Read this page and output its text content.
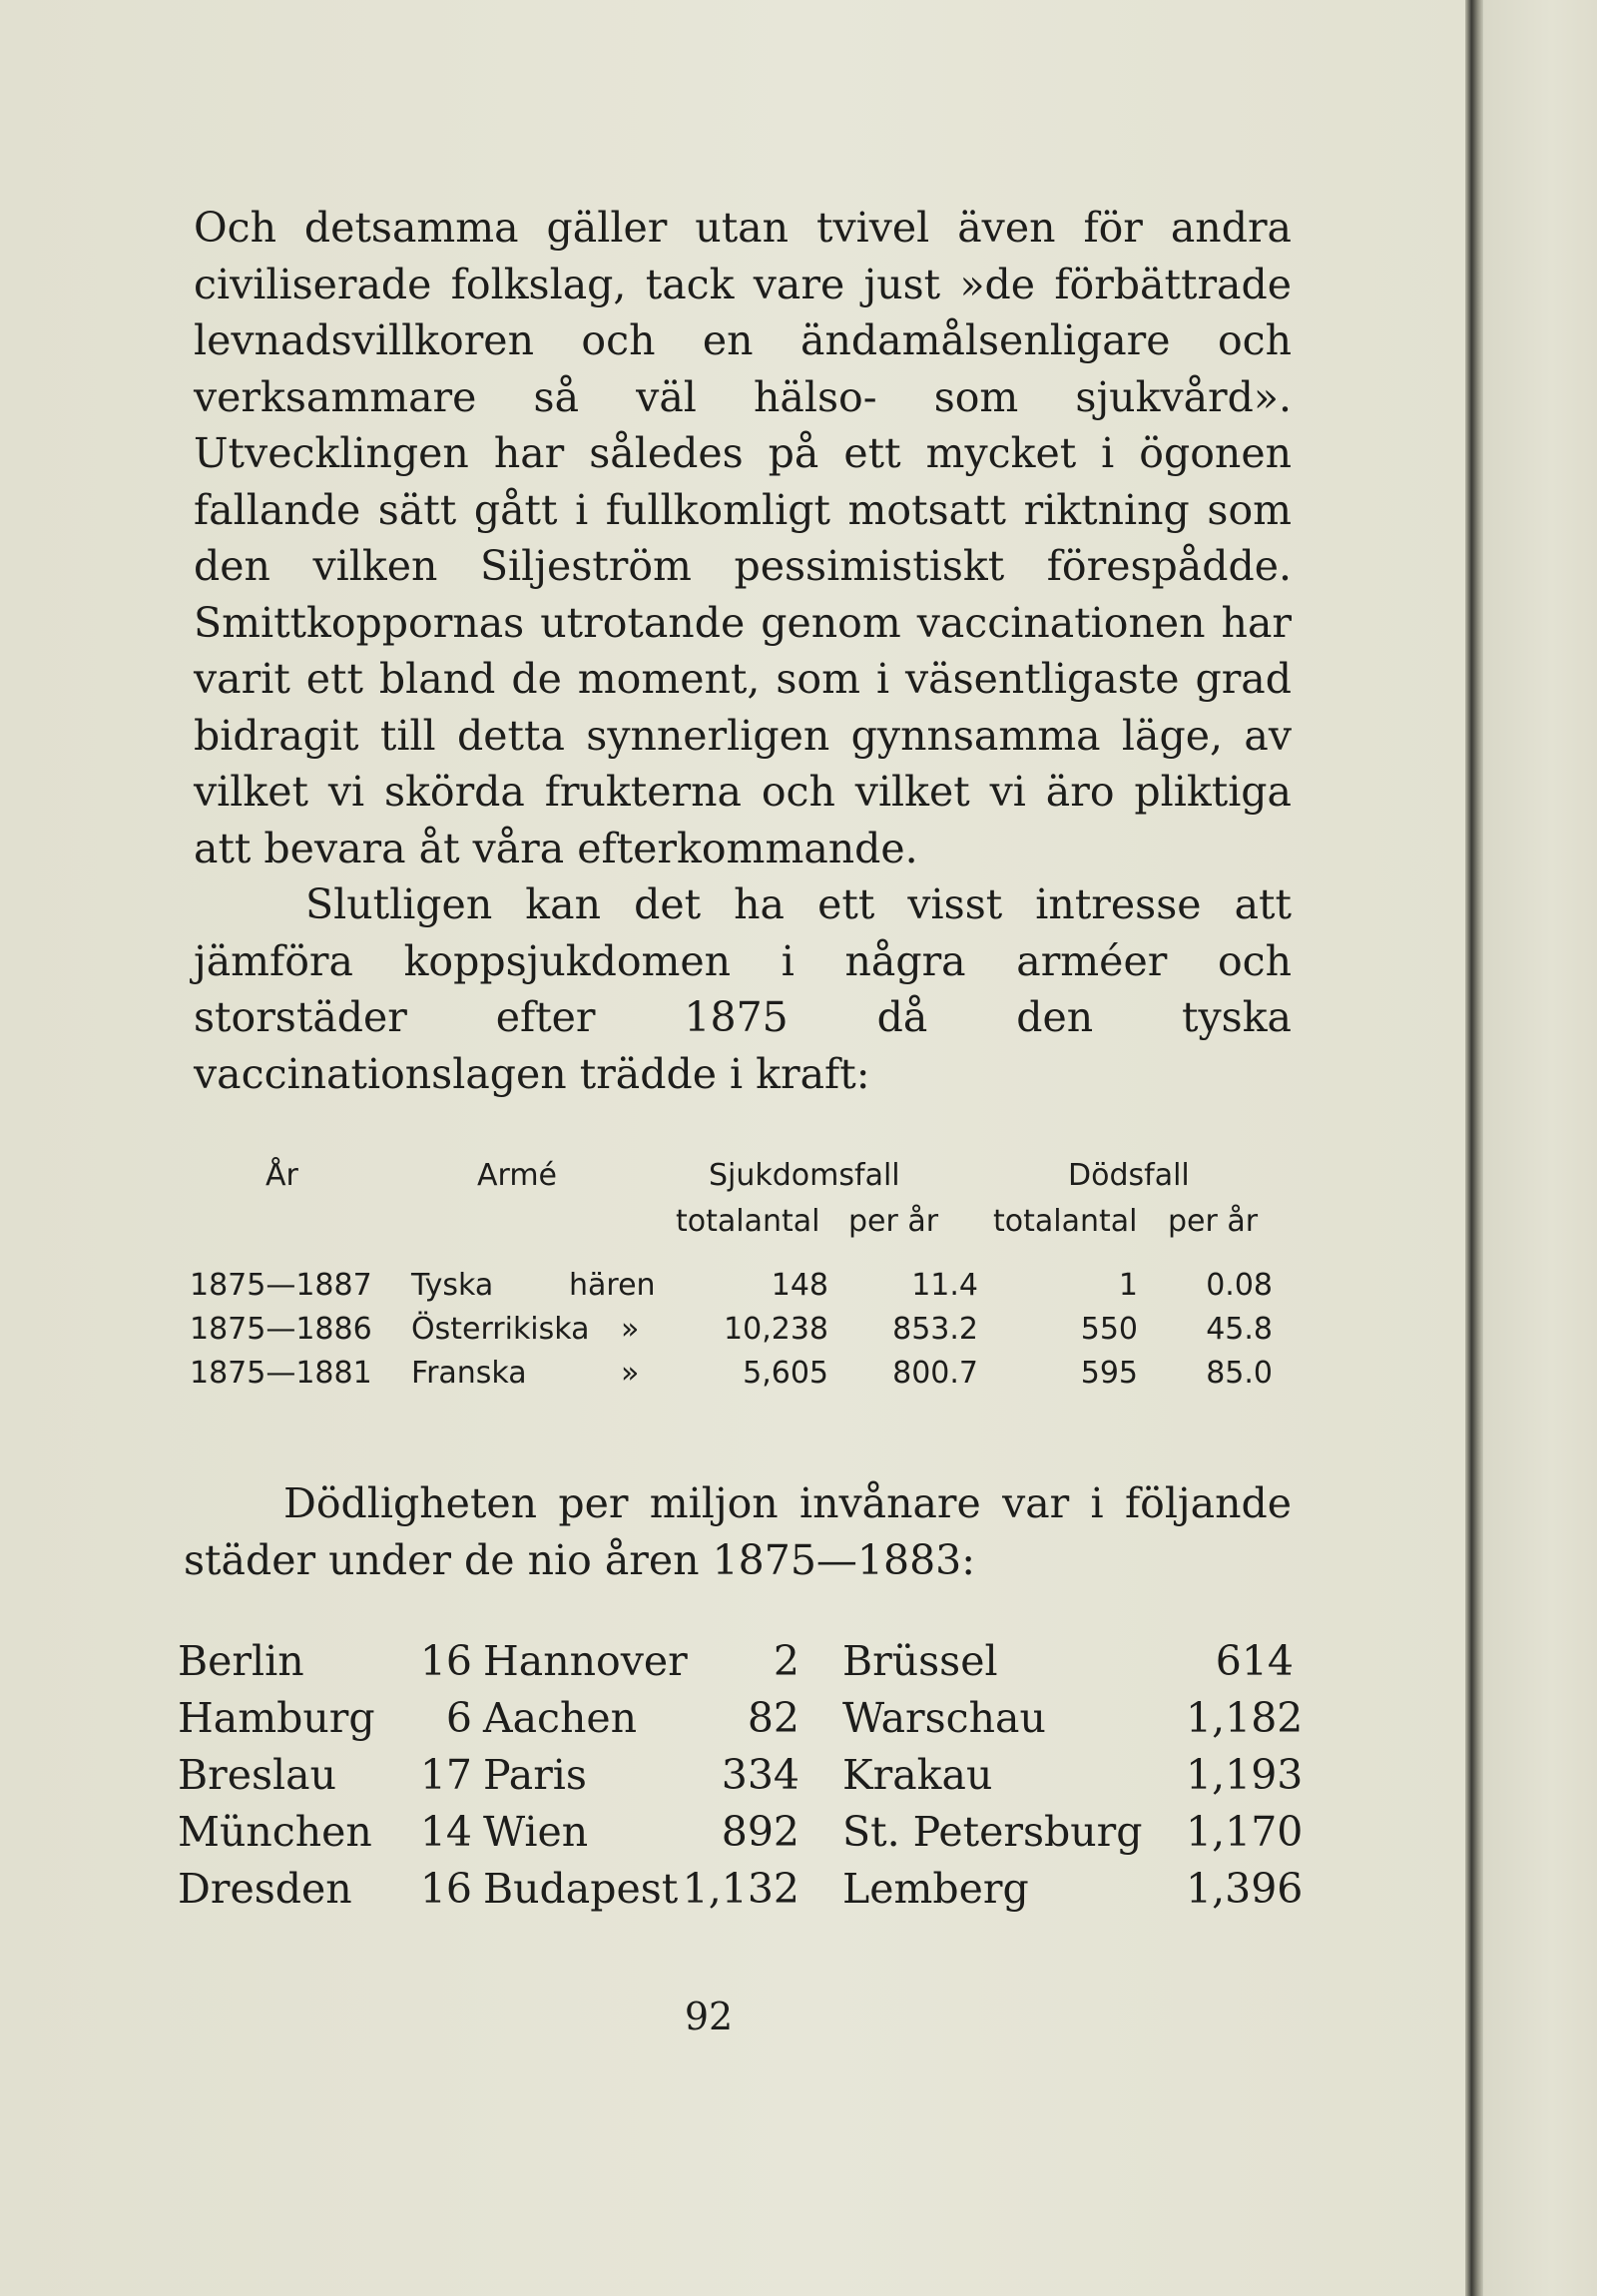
Och detsamma gäller utan tvivel även för andra civiliserade folkslag, tack vare just »de förbättrade levnadsvillkoren och en ändamålsenligare och verksammare så väl hälso- som sjukvård». Utvecklingen har således på ett mycket i ögonen fallande sätt gått i fullkomligt motsatt riktning som den vilken Siljeström pessimistiskt förespådde. Smittkoppornas utrotande genom vaccinationen har varit ett bland de moment, som i väsentligaste grad bidragit till detta synnerligen gynnsamma läge, av vilket vi skörda frukterna och vilket vi äro pliktiga att bevara åt våra efterkommande.

Slutligen kan det ha ett visst intresse att jämföra koppsjukdomen i några arméer och storstäder efter 1875 då den tyska vaccinationslagen trädde i kraft:

År	Armé	Sjukdomsfall	Dödsfall
totalantal per år totalantal per år
1875—1887 Tyska	hären	148	11.4	1	0.08
1875—1886 Österrikiska »	10,238	853.2	550	45.8
1875—1881 Franska	»	5,605	800.7	595	85.0

Dödligheten per miljon invånare var i följande städer under de nio åren 1875—1883:

Berlin	16 Hannover	2 Brüssel	614
Hamburg	6 Aachen	82 Warschau	1,182
Breslau	17 Paris	334 Krakau	1,193
München	14 Wien	892 St. Petersburg 1,170
Dresden	16 Budapest 1,132 Lemberg	1,396
92
